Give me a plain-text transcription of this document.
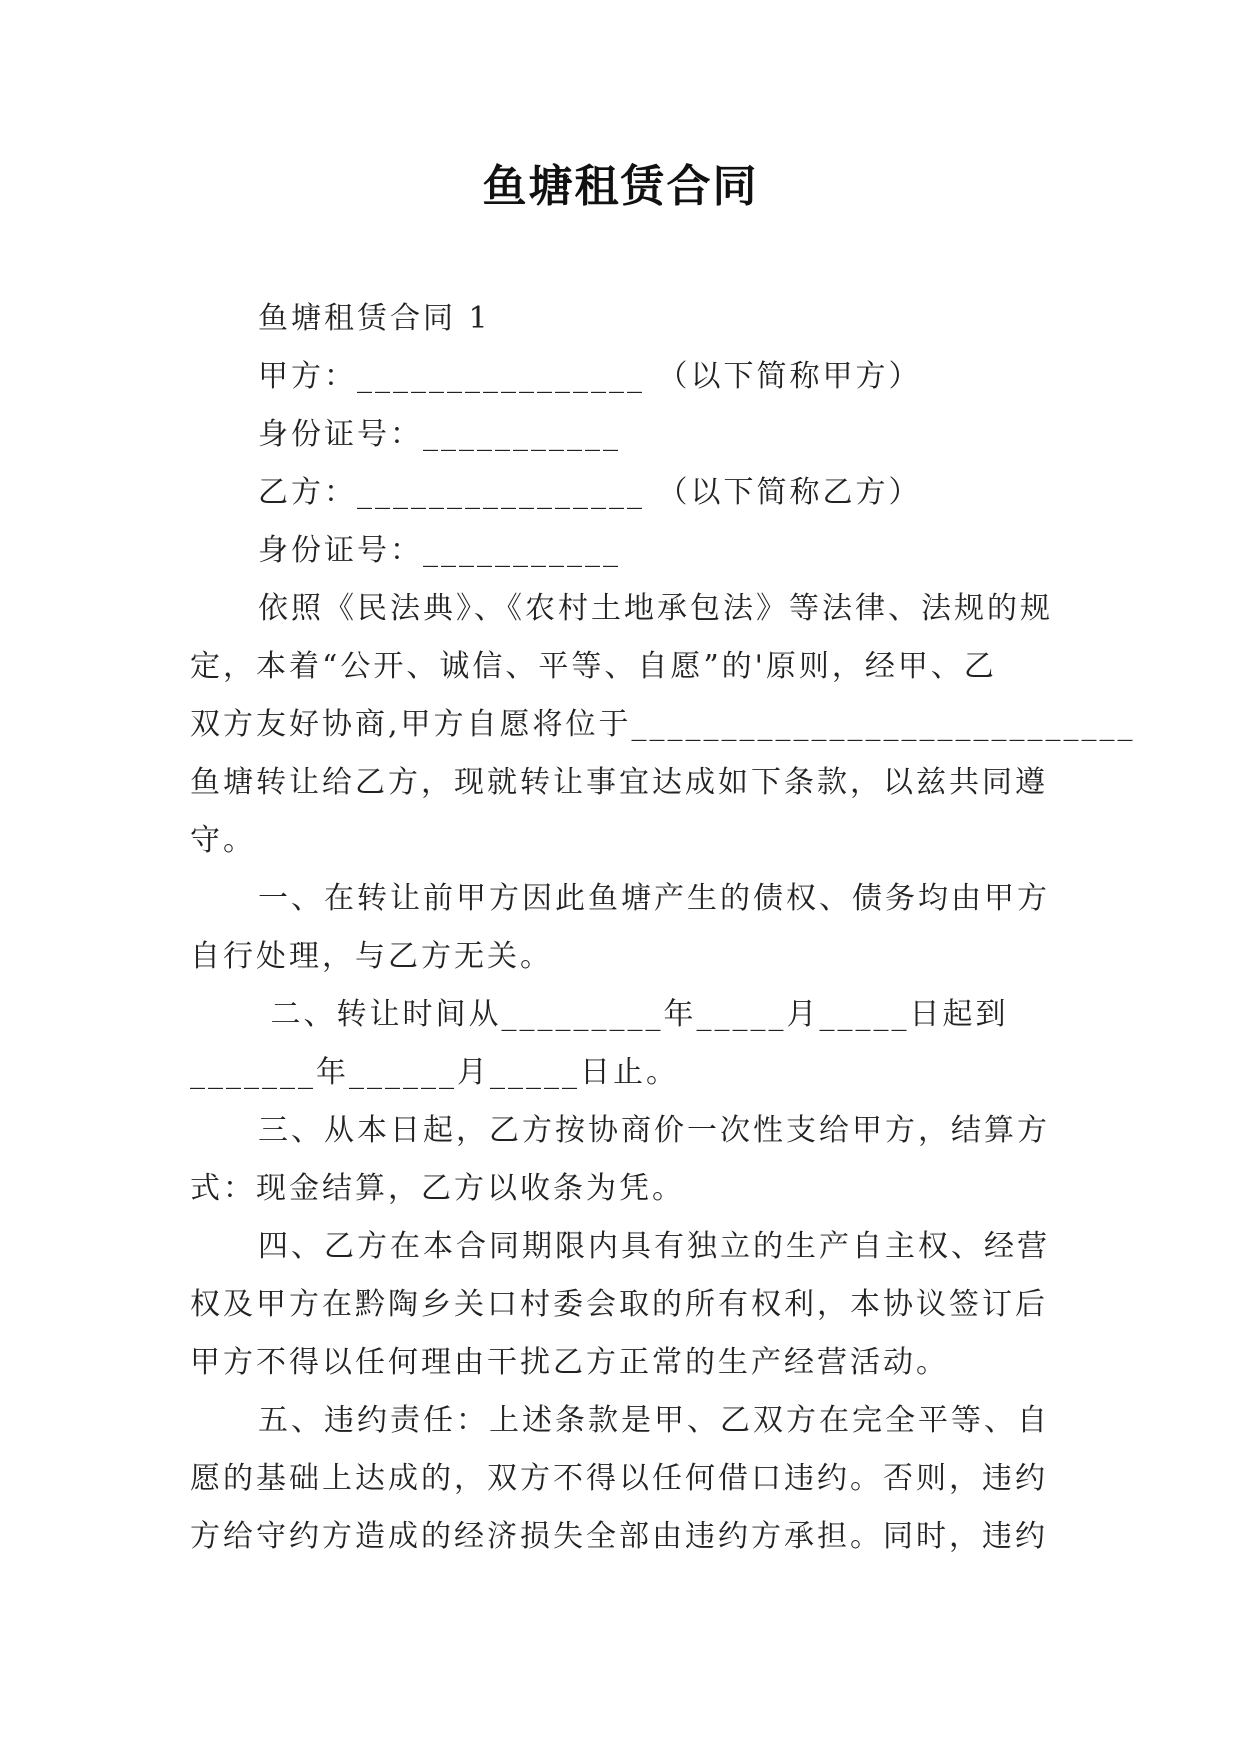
鱼塘租赁合同
鱼塘租赁合同 1
甲方：________________ （以下简称甲方）
身份证号：___________
乙方：________________ （以下简称乙方）
身份证号：___________
依照《民法典》、《农村土地承包法》等法律、法规的规
定，本着“公开、诚信、平等、自愿”的'原则，经甲、乙
双方友好协商,甲方自愿将位于____________________________
鱼塘转让给乙方，现就转让事宜达成如下条款，以兹共同遵
守。
一、在转让前甲方因此鱼塘产生的债权、债务均由甲方
自行处理，与乙方无关。
二、转让时间从_________年_____月_____日起到
_______年______月_____日止。
三、从本日起，乙方按协商价一次性支给甲方，结算方
式：现金结算，乙方以收条为凭。
四、乙方在本合同期限内具有独立的生产自主权、经营
权及甲方在黔陶乡关口村委会取的所有权利，本协议签订后
甲方不得以任何理由干扰乙方正常的生产经营活动。
五、违约责任：上述条款是甲、乙双方在完全平等、自
愿的基础上达成的，双方不得以任何借口违约。否则，违约
方给守约方造成的经济损失全部由违约方承担。同时，违约
